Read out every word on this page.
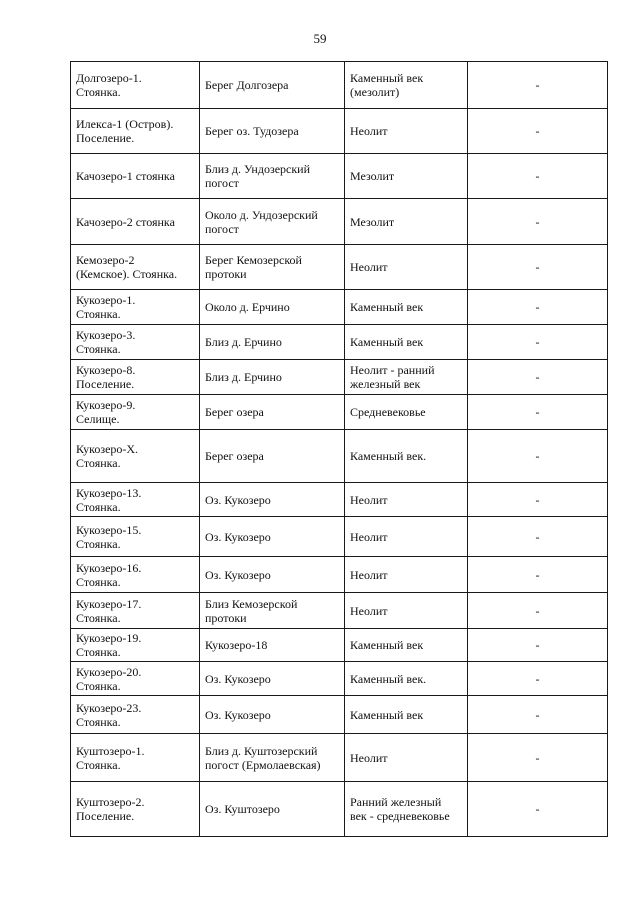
59
Долгозеро-1.
Стоянка.	Берег Долгозера	Каменный век
(мезолит)	-
Илекса-1 (Остров).
Поселение.	Берег оз. Тудозера	Неолит	-
Качозеро-1 стоянка	Близ д. Ундозерский
погост	Мезолит	-
Качозеро-2 стоянка	Около д. Ундозерский
погост	Мезолит	-
Кемозеро-2
(Кемское). Стоянка.	Берег Кемозерской
протоки	Неолит	-
Кукозеро-1.
Стоянка.	Около д. Ерчино	Каменный век	-
Кукозеро-3.
Стоянка.	Близ д. Ерчино	Каменный век	-
Кукозеро-8.
Поселение.	Близ д. Ерчино	Неолит - ранний
железный век	-
Кукозеро-9.
Селище.	Берег озера	Средневековье	-
Кукозеро-Х.
Стоянка.	Берег озера	Каменный век.	-
Кукозеро-13.
Стоянка.	Оз. Кукозеро	Неолит	-
Кукозеро-15.
Стоянка.	Оз. Кукозеро	Неолит	-
Кукозеро-16.
Стоянка.	Оз. Кукозеро	Неолит	-
Кукозеро-17.
Стоянка.	Близ Кемозерской
протоки	Неолит	-
Кукозеро-19.
Стоянка.	Кукозеро-18	Каменный век	-
Кукозеро-20.
Стоянка.	Оз. Кукозеро	Каменный век.	-
Кукозеро-23.
Стоянка.	Оз. Кукозеро	Каменный век	-
Куштозеро-1.
Стоянка.	Близ д. Куштозерский
погост (Ермолаевская)	Неолит	-
Куштозеро-2.
Поселение.	Оз. Куштозеро	Ранний железный
век - средневековье	-
